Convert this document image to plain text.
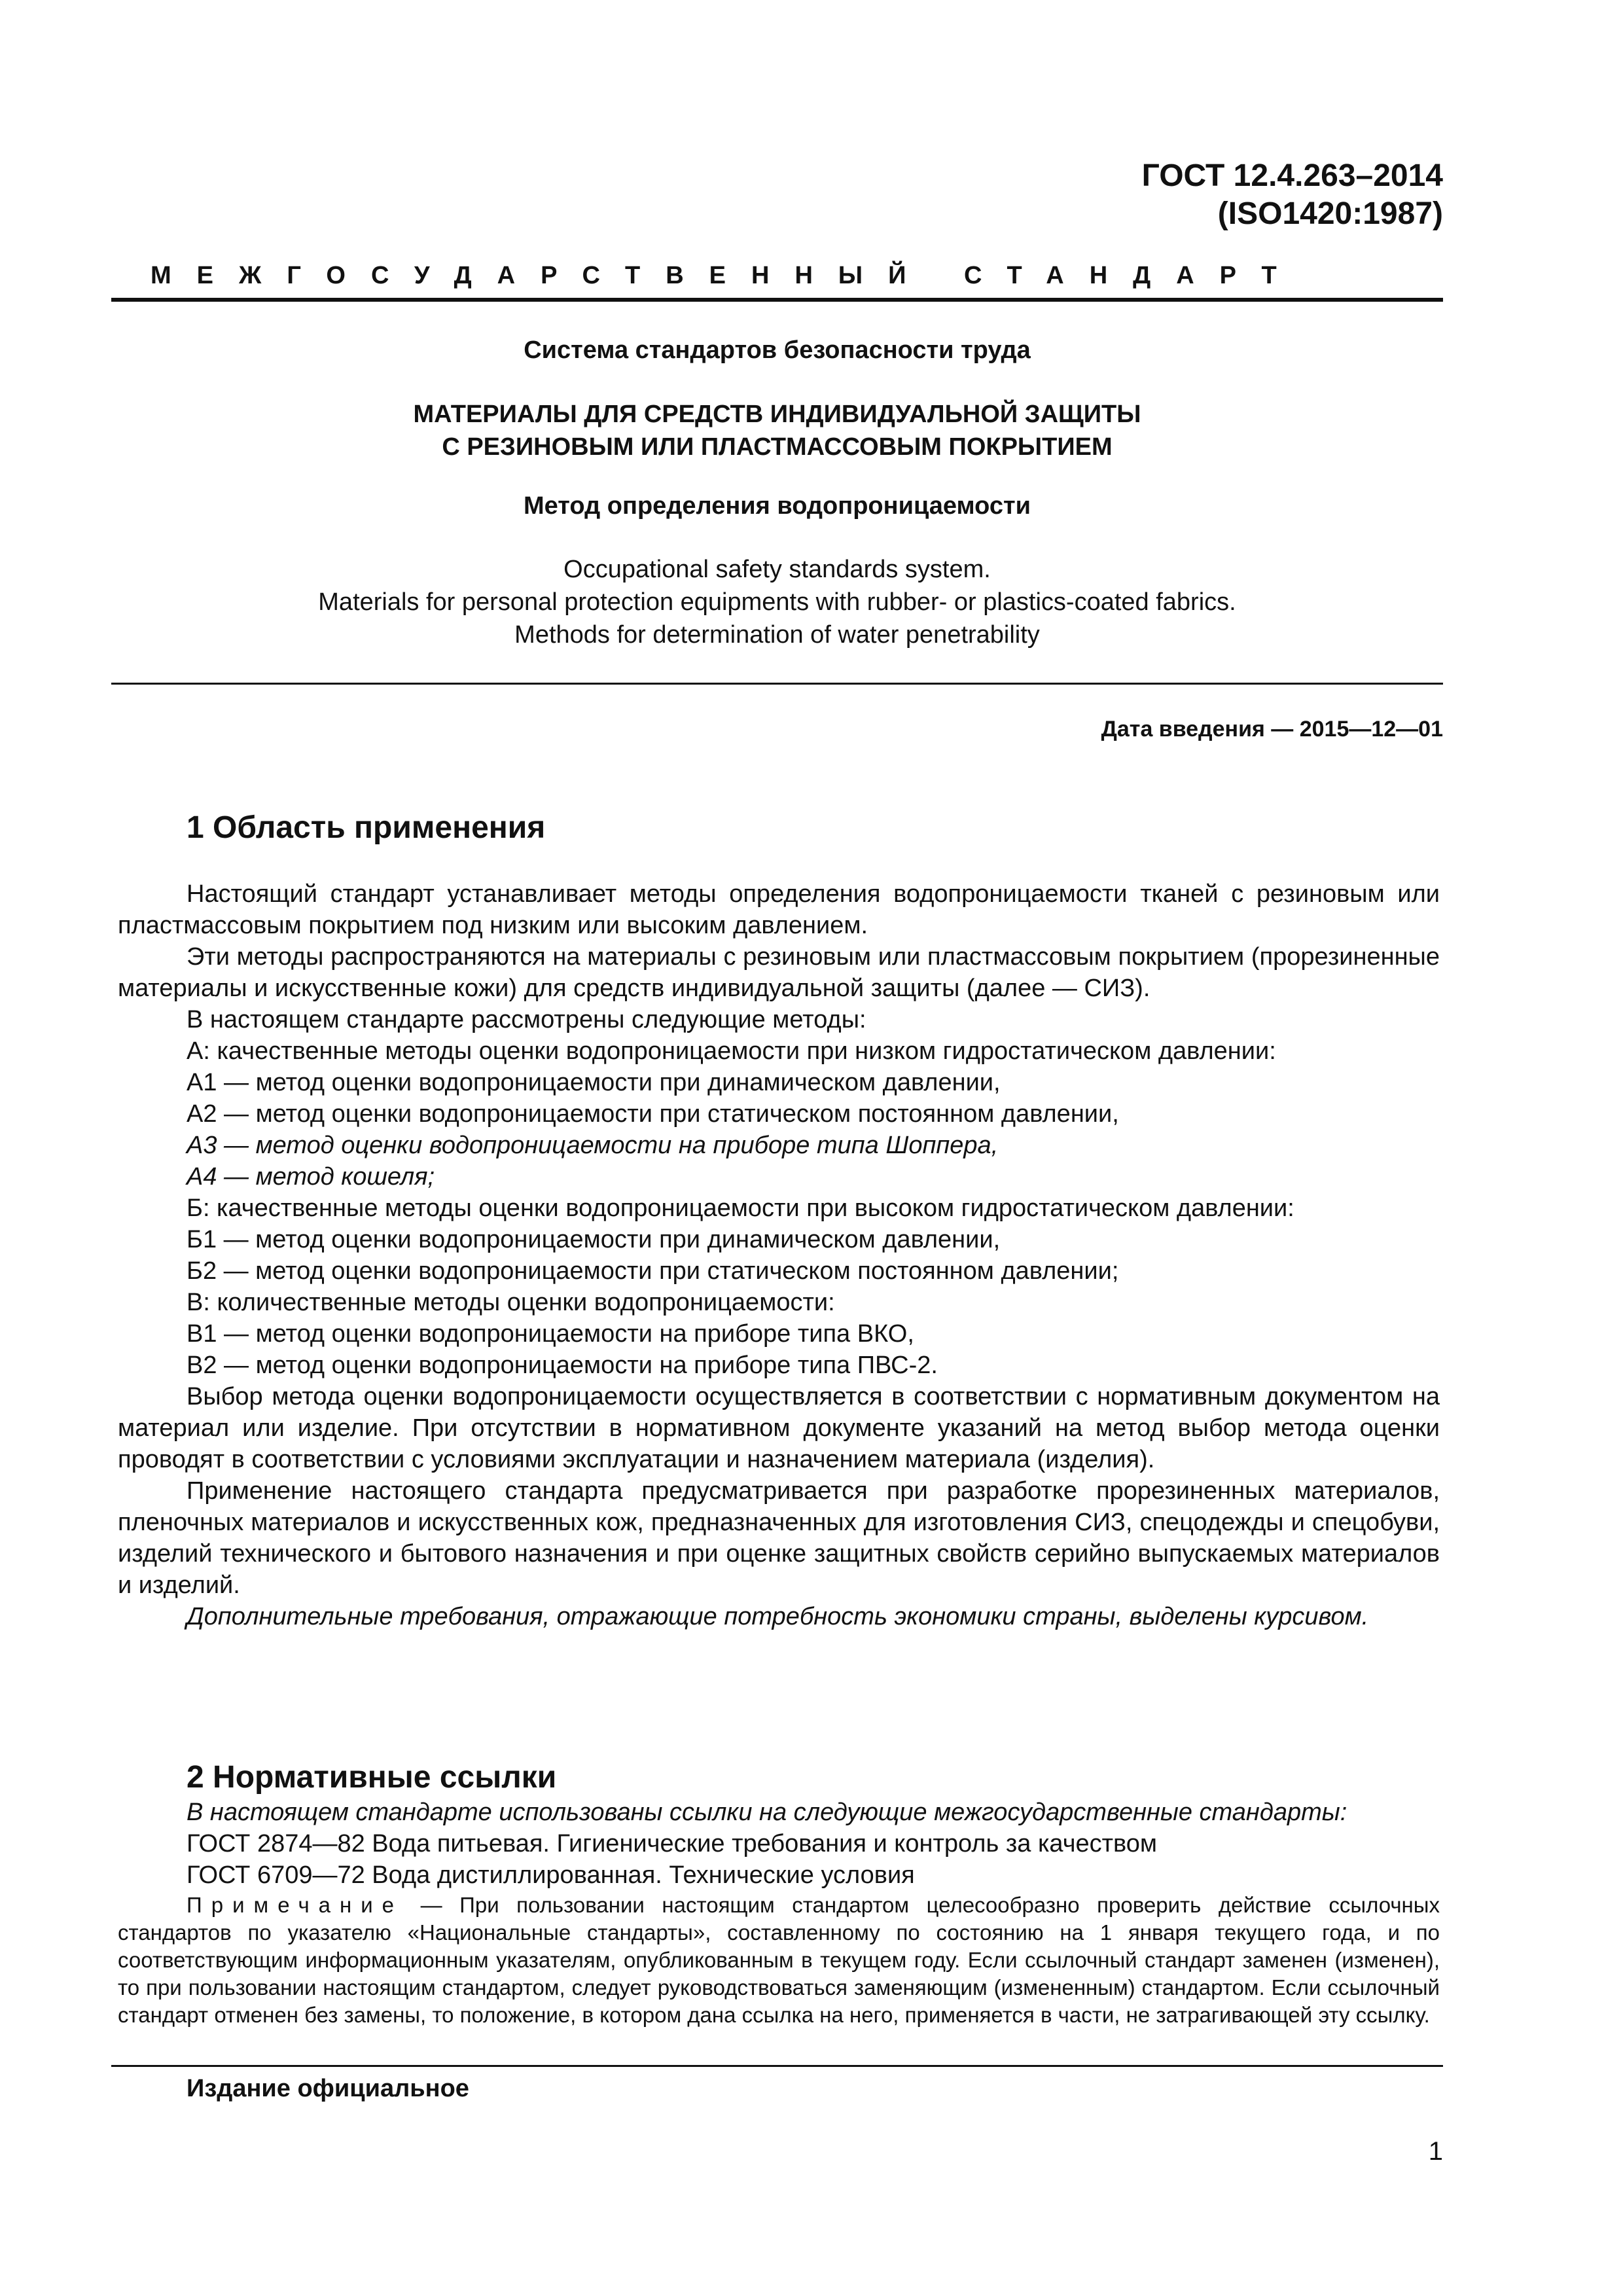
ГОСТ 12.4.263–2014
(ISO1420:1987)
МЕЖГОСУДАРСТВЕННЫЙ СТАНДАРТ
Система стандартов безопасности труда
МАТЕРИАЛЫ ДЛЯ СРЕДСТВ ИНДИВИДУАЛЬНОЙ ЗАЩИТЫ
С РЕЗИНОВЫМ ИЛИ ПЛАСТМАССОВЫМ ПОКРЫТИЕМ
Метод определения водопроницаемости
Occupational safety standards system.
Materials for personal protection equipments with rubber- or plastics-coated fabrics.
Methods for determination of water penetrability
Дата введения — 2015—12—01
1 Область применения

Настоящий стандарт устанавливает методы определения водопроницаемости тканей с резиновым или пластмассовым покрытием под низким или высоким давлением.

Эти методы распространяются на материалы с резиновым или пластмассовым покрытием (прорезиненные материалы и искусственные кожи) для средств индивидуальной защиты (далее — СИЗ).

В настоящем стандарте рассмотрены следующие методы:

А: качественные методы оценки водопроницаемости при низком гидростатическом давлении:

А1 — метод оценки водопроницаемости при динамическом давлении,

А2 — метод оценки водопроницаемости при статическом постоянном давлении,

А3 — метод оценки водопроницаемости на приборе типа Шоппера,

А4 — метод кошеля;

Б: качественные методы оценки водопроницаемости при высоком гидростатическом давлении:

Б1 — метод оценки водопроницаемости при динамическом давлении,

Б2 — метод оценки водопроницаемости при статическом постоянном давлении;

В: количественные методы оценки водопроницаемости:

В1 — метод оценки водопроницаемости на приборе типа ВКО,

В2 — метод оценки водопроницаемости на приборе типа ПВС-2.

Выбор метода оценки водопроницаемости осуществляется в соответствии с нормативным документом на материал или изделие. При отсутствии в нормативном документе указаний на метод выбор метода оценки проводят в соответствии с условиями эксплуатации и назначением материала (изделия).

Применение настоящего стандарта предусматривается при разработке прорезиненных материалов, пленочных материалов и искусственных кож, предназначенных для изготовления СИЗ, спецодежды и спецобуви, изделий технического и бытового назначения и при оценке защитных свойств серийно выпускаемых материалов и изделий.

Дополнительные требования, отражающие потребность экономики страны, выделены курсивом.

2 Нормативные ссылки

В настоящем стандарте использованы ссылки на следующие межгосударственные стандарты:

ГОСТ 2874—82 Вода питьевая. Гигиенические требования и контроль за качеством

ГОСТ 6709—72 Вода дистиллированная. Технические условия

Примечание — При пользовании настоящим стандартом целесообразно проверить действие ссылочных стандартов по указателю «Национальные стандарты», составленному по состоянию на 1 января текущего года, и по соответствующим информационным указателям, опубликованным в текущем году. Если ссылочный стандарт заменен (изменен), то при пользовании настоящим стандартом, следует руководствоваться заменяющим (измененным) стандартом. Если ссылочный стандарт отменен без замены, то положение, в котором дана ссылка на него, применяется в части, не затрагивающей эту ссылку.
Издание официальное
1
